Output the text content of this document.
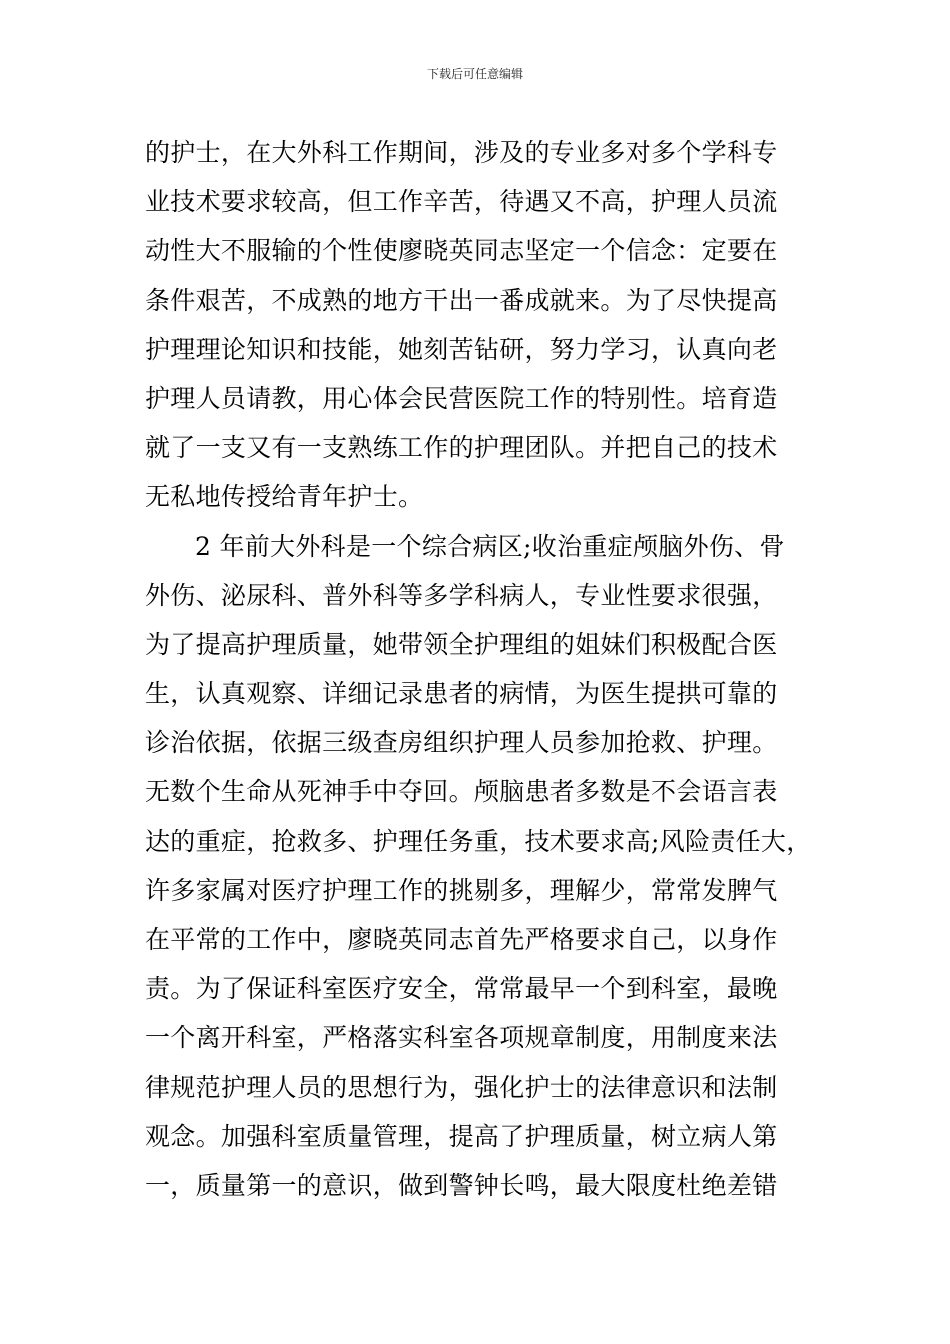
下载后可任意编辑
的护士，在大外科工作期间，涉及的专业多对多个学科专
业技术要求较高，但工作辛苦，待遇又不高，护理人员流
动性大不服输的个性使廖晓英同志坚定一个信念：定要在
条件艰苦，不成熟的地方干出一番成就来。为了尽快提高
护理理论知识和技能，她刻苦钻研，努力学习，认真向老
护理人员请教，用心体会民营医院工作的特别性。培育造
就了一支又有一支熟练工作的护理团队。并把自己的技术
无私地传授给青年护士。
2 年前大外科是一个综合病区;收治重症颅脑外伤、骨
外伤、泌尿科、普外科等多学科病人，专业性要求很强，
为了提高护理质量，她带领全护理组的姐妹们积极配合医
生，认真观察、详细记录患者的病情，为医生提拱可靠的
诊治依据，依据三级查房组织护理人员参加抢救、护理。
无数个生命从死神手中夺回。颅脑患者多数是不会语言表
达的重症，抢救多、护理任务重，技术要求高;风险责任大，
许多家属对医疗护理工作的挑剔多，理解少，常常发脾气
在平常的工作中，廖晓英同志首先严格要求自己，以身作
责。为了保证科室医疗安全，常常最早一个到科室，最晚
一个离开科室，严格落实科室各项规章制度，用制度来法
律规范护理人员的思想行为，强化护士的法律意识和法制
观念。加强科室质量管理，提高了护理质量，树立病人第
一，质量第一的意识，做到警钟长鸣，最大限度杜绝差错
